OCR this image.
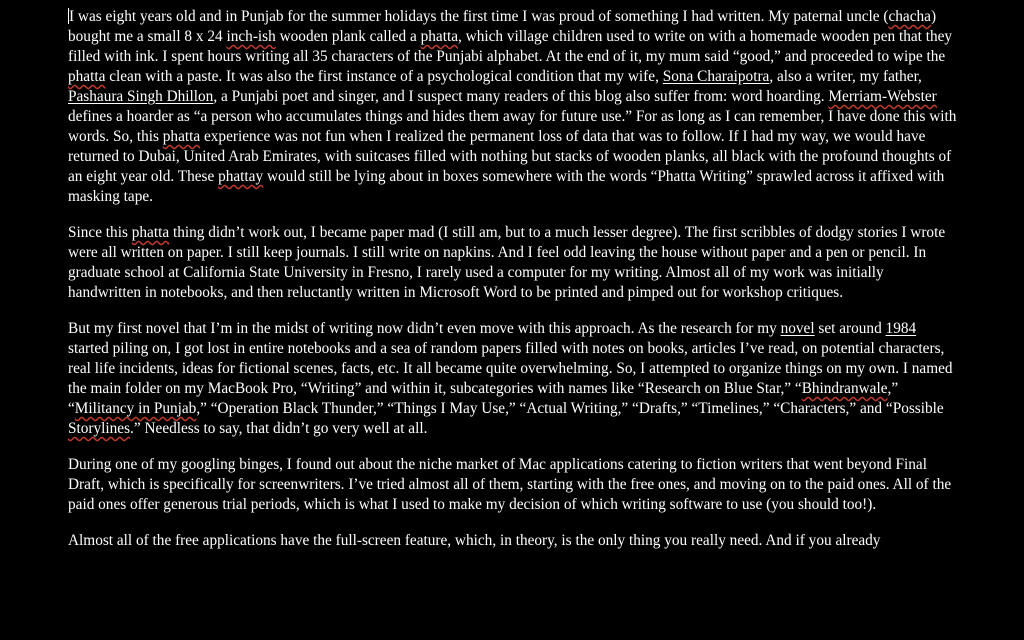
I was eight years old and in Punjab for the summer holidays the first time I was proud of something I had written. My paternal uncle (chacha) bought me a small 8 x 24 inch-ish wooden plank called a phatta, which village children used to write on with a homemade wooden pen that they filled with ink. I spent hours writing all 35 characters of the Punjabi alphabet. At the end of it, my mum said “good,” and proceeded to wipe the phatta clean with a paste. It was also the first instance of a psychological condition that my wife, Sona Charaipotra, also a writer, my father, Pashaura Singh Dhillon, a Punjabi poet and singer, and I suspect many readers of this blog also suffer from: word hoarding. Merriam-Webster defines a hoarder as “a person who accumulates things and hides them away for future use.” For as long as I can remember, I have done this with words. So, this phatta experience was not fun when I realized the permanent loss of data that was to follow. If I had my way, we would have returned to Dubai, United Arab Emirates, with suitcases filled with nothing but stacks of wooden planks, all black with the profound thoughts of an eight year old. These phattay would still be lying about in boxes somewhere with the words “Phatta Writing” sprawled across it affixed with masking tape.

Since this phatta thing didn’t work out, I became paper mad (I still am, but to a much lesser degree). The first scribbles of dodgy stories I wrote were all written on paper. I still keep journals. I still write on napkins. And I feel odd leaving the house without paper and a pen or pencil. In graduate school at California State University in Fresno, I rarely used a computer for my writing. Almost all of my work was initially handwritten in notebooks, and then reluctantly written in Microsoft Word to be printed and pimped out for workshop critiques.

But my first novel that I’m in the midst of writing now didn’t even move with this approach. As the research for my novel set around 1984 started piling on, I got lost in entire notebooks and a sea of random papers filled with notes on books, articles I’ve read, on potential characters, real life incidents, ideas for fictional scenes, facts, etc. It all became quite overwhelming. So, I attempted to organize things on my own. I named the main folder on my MacBook Pro, “Writing” and within it, subcategories with names like “Research on Blue Star,” “Bhindranwale,” “Militancy in Punjab,” “Operation Black Thunder,” “Things I May Use,” “Actual Writing,” “Drafts,” “Timelines,” “Characters,” and “Possible Storylines.” Needless to say, that didn’t go very well at all.

During one of my googling binges, I found out about the niche market of Mac applications catering to fiction writers that went beyond Final Draft, which is specifically for screenwriters. I’ve tried almost all of them, starting with the free ones, and moving on to the paid ones. All of the paid ones offer generous trial periods, which is what I used to make my decision of which writing software to use (you should too!).

Almost all of the free applications have the full-screen feature, which, in theory, is the only thing you really need. And if you already
